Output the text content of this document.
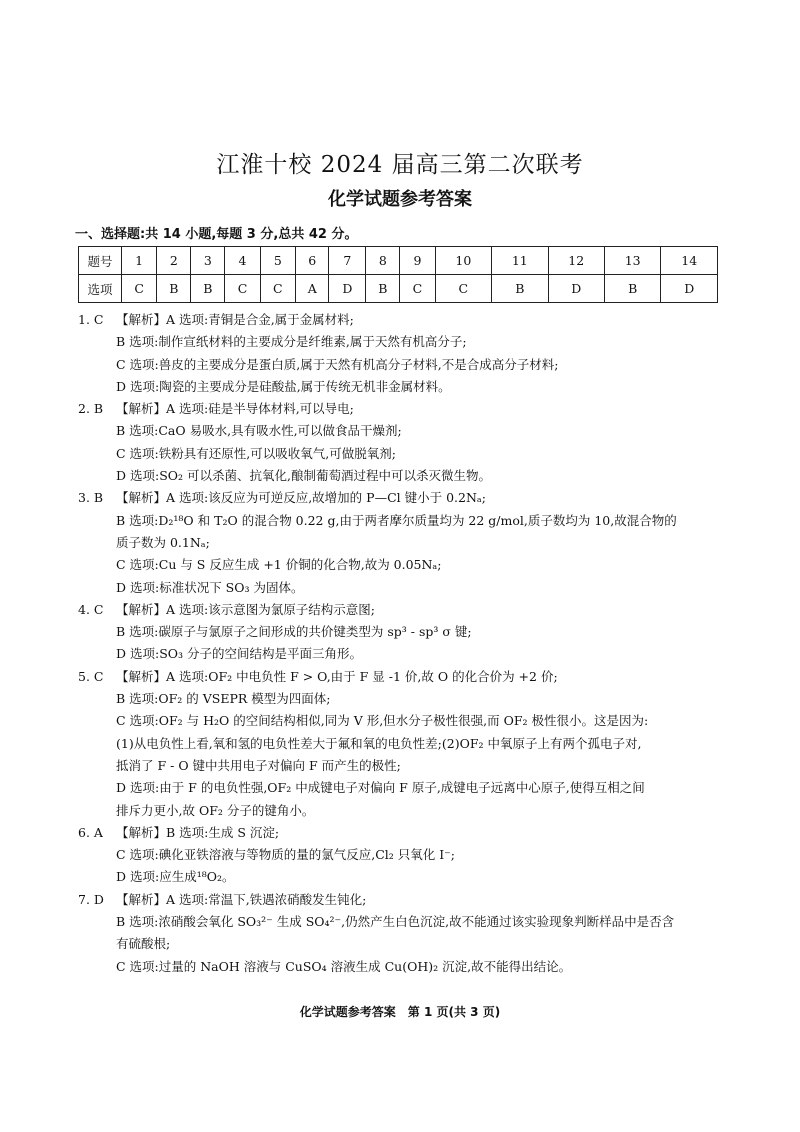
江淮十校 2024 届高三第二次联考
化学试题参考答案
一、选择题:共 14 小题,每题 3 分,总共 42 分。
题号	1	2	3	4	5	6	7	8	9	10	11	12	13	14
选项	C	B	B	C	C	A	D	B	C	C	B	D	B	D
1. C 【解析】A 选项:青铜是合金,属于金属材料;
B 选项:制作宣纸材料的主要成分是纤维素,属于天然有机高分子;
C 选项:兽皮的主要成分是蛋白质,属于天然有机高分子材料,不是合成高分子材料;
D 选项:陶瓷的主要成分是硅酸盐,属于传统无机非金属材料。
2. B 【解析】A 选项:硅是半导体材料,可以导电;
B 选项:CaO 易吸水,具有吸水性,可以做食品干燥剂;
C 选项:铁粉具有还原性,可以吸收氧气,可做脱氧剂;
D 选项:SO₂ 可以杀菌、抗氧化,酿制葡萄酒过程中可以杀灭微生物。
3. B 【解析】A 选项:该反应为可逆反应,故增加的 P—Cl 键小于 0.2Nₐ;
B 选项:D₂¹⁸O 和 T₂O 的混合物 0.22 g,由于两者摩尔质量均为 22 g/mol,质子数均为 10,故混合物的
质子数为 0.1Nₐ;
C 选项:Cu 与 S 反应生成 +1 价铜的化合物,故为 0.05Nₐ;
D 选项:标准状况下 SO₃ 为固体。
4. C 【解析】A 选项:该示意图为氯原子结构示意图;
B 选项:碳原子与氯原子之间形成的共价键类型为 sp³ - sp³ σ 键;
D 选项:SO₃ 分子的空间结构是平面三角形。
5. C 【解析】A 选项:OF₂ 中电负性 F > O,由于 F 显 -1 价,故 O 的化合价为 +2 价;
B 选项:OF₂ 的 VSEPR 模型为四面体;
C 选项:OF₂ 与 H₂O 的空间结构相似,同为 V 形,但水分子极性很强,而 OF₂ 极性很小。这是因为:
(1)从电负性上看,氧和氢的电负性差大于氟和氧的电负性差;(2)OF₂ 中氧原子上有两个孤电子对,
抵消了 F - O 键中共用电子对偏向 F 而产生的极性;
D 选项:由于 F 的电负性强,OF₂ 中成键电子对偏向 F 原子,成键电子远离中心原子,使得互相之间
排斥力更小,故 OF₂ 分子的键角小。
6. A 【解析】B 选项:生成 S 沉淀;
C 选项:碘化亚铁溶液与等物质的量的氯气反应,Cl₂ 只氧化 I⁻;
D 选项:应生成¹⁸O₂。
7. D 【解析】A 选项:常温下,铁遇浓硝酸发生钝化;
B 选项:浓硝酸会氧化 SO₃²⁻ 生成 SO₄²⁻,仍然产生白色沉淀,故不能通过该实验现象判断样品中是否含
有硫酸根;
C 选项:过量的 NaOH 溶液与 CuSO₄ 溶液生成 Cu(OH)₂ 沉淀,故不能得出结论。
化学试题参考答案　第 1 页(共 3 页)
